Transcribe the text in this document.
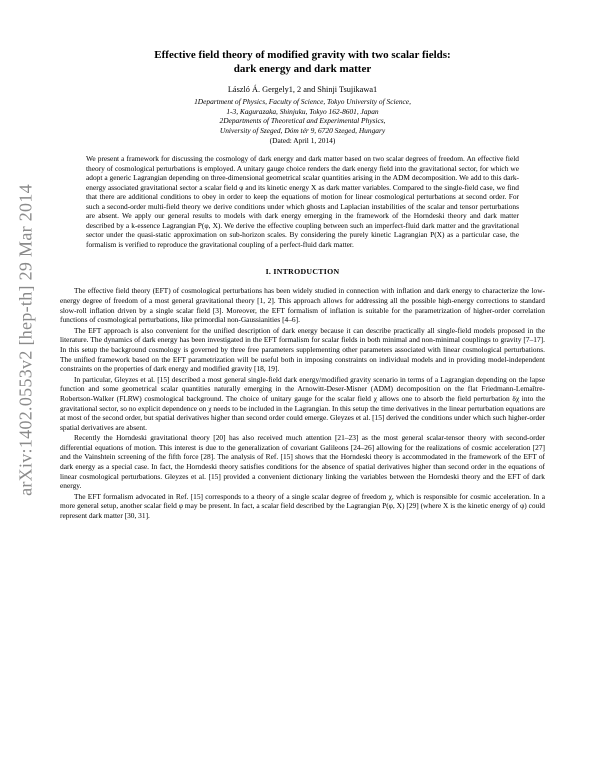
arXiv:1402.0553v2 [hep-th] 29 Mar 2014
Effective field theory of modified gravity with two scalar fields:
dark energy and dark matter
László Á. Gergely1, 2 and Shinji Tsujikawa1
1Department of Physics, Faculty of Science, Tokyo University of Science,
1-3, Kagurazaka, Shinjuku, Tokyo 162-8601, Japan
2Departments of Theoretical and Experimental Physics,
University of Szeged, Dóm tér 9, 6720 Szeged, Hungary
(Dated: April 1, 2014)
We present a framework for discussing the cosmology of dark energy and dark matter based on two scalar degrees of freedom. An effective field theory of cosmological perturbations is employed. A unitary gauge choice renders the dark energy field into the gravitational sector, for which we adopt a generic Lagrangian depending on three-dimensional geometrical scalar quantities arising in the ADM decomposition. We add to this dark-energy associated gravitational sector a scalar field φ and its kinetic energy X as dark matter variables. Compared to the single-field case, we find that there are additional conditions to obey in order to keep the equations of motion for linear cosmological perturbations at second order. For such a second-order multi-field theory we derive conditions under which ghosts and Laplacian instabilities of the scalar and tensor perturbations are absent. We apply our general results to models with dark energy emerging in the framework of the Horndeski theory and dark matter described by a k-essence Lagrangian P(φ, X). We derive the effective coupling between such an imperfect-fluid dark matter and the gravitational sector under the quasi-static approximation on sub-horizon scales. By considering the purely kinetic Lagrangian P(X) as a particular case, the formalism is verified to reproduce the gravitational coupling of a perfect-fluid dark matter.
I. INTRODUCTION

The effective field theory (EFT) of cosmological perturbations has been widely studied in connection with inflation and dark energy to characterize the low-energy degree of freedom of a most general gravitational theory [1, 2]. This approach allows for addressing all the possible high-energy corrections to standard slow-roll inflation driven by a single scalar field [3]. Moreover, the EFT formalism of inflation is suitable for the parametrization of higher-order correlation functions of cosmological perturbations, like primordial non-Gaussianities [4–6].

The EFT approach is also convenient for the unified description of dark energy because it can describe practically all single-field models proposed in the literature. The dynamics of dark energy has been investigated in the EFT formalism for scalar fields in both minimal and non-minimal couplings to gravity [7–17]. In this setup the background cosmology is governed by three free parameters supplementing other parameters associated with linear cosmological perturbations. The unified framework based on the EFT parametrization will be useful both in imposing constraints on individual models and in providing model-independent constraints on the properties of dark energy and modified gravity [18, 19].

In particular, Gleyzes et al. [15] described a most general single-field dark energy/modified gravity scenario in terms of a Lagrangian depending on the lapse function and some geometrical scalar quantities naturally emerging in the Arnowitt-Deser-Misner (ADM) decomposition on the flat Friedmann-Lemaître-Robertson-Walker (FLRW) cosmological background. The choice of unitary gauge for the scalar field χ allows one to absorb the field perturbation δχ into the gravitational sector, so no explicit dependence on χ needs to be included in the Lagrangian. In this setup the time derivatives in the linear perturbation equations are at most of the second order, but spatial derivatives higher than second order could emerge. Gleyzes et al. [15] derived the conditions under which such higher-order spatial derivatives are absent.

Recently the Horndeski gravitational theory [20] has also received much attention [21–23] as the most general scalar-tensor theory with second-order differential equations of motion. This interest is due to the generalization of covariant Galileons [24–26] allowing for the realizations of cosmic acceleration [27] and the Vainshtein screening of the fifth force [28]. The analysis of Ref. [15] shows that the Horndeski theory is accommodated in the framework of the EFT of dark energy as a special case. In fact, the Horndeski theory satisfies conditions for the absence of spatial derivatives higher than second order in the equations of linear cosmological perturbations. Gleyzes et al. [15] provided a convenient dictionary linking the variables between the Horndeski theory and the EFT of dark energy.

The EFT formalism advocated in Ref. [15] corresponds to a theory of a single scalar degree of freedom χ, which is responsible for cosmic acceleration. In a more general setup, another scalar field φ may be present. In fact, a scalar field described by the Lagrangian P(φ, X) [29] (where X is the kinetic energy of φ) could represent dark matter [30, 31].
